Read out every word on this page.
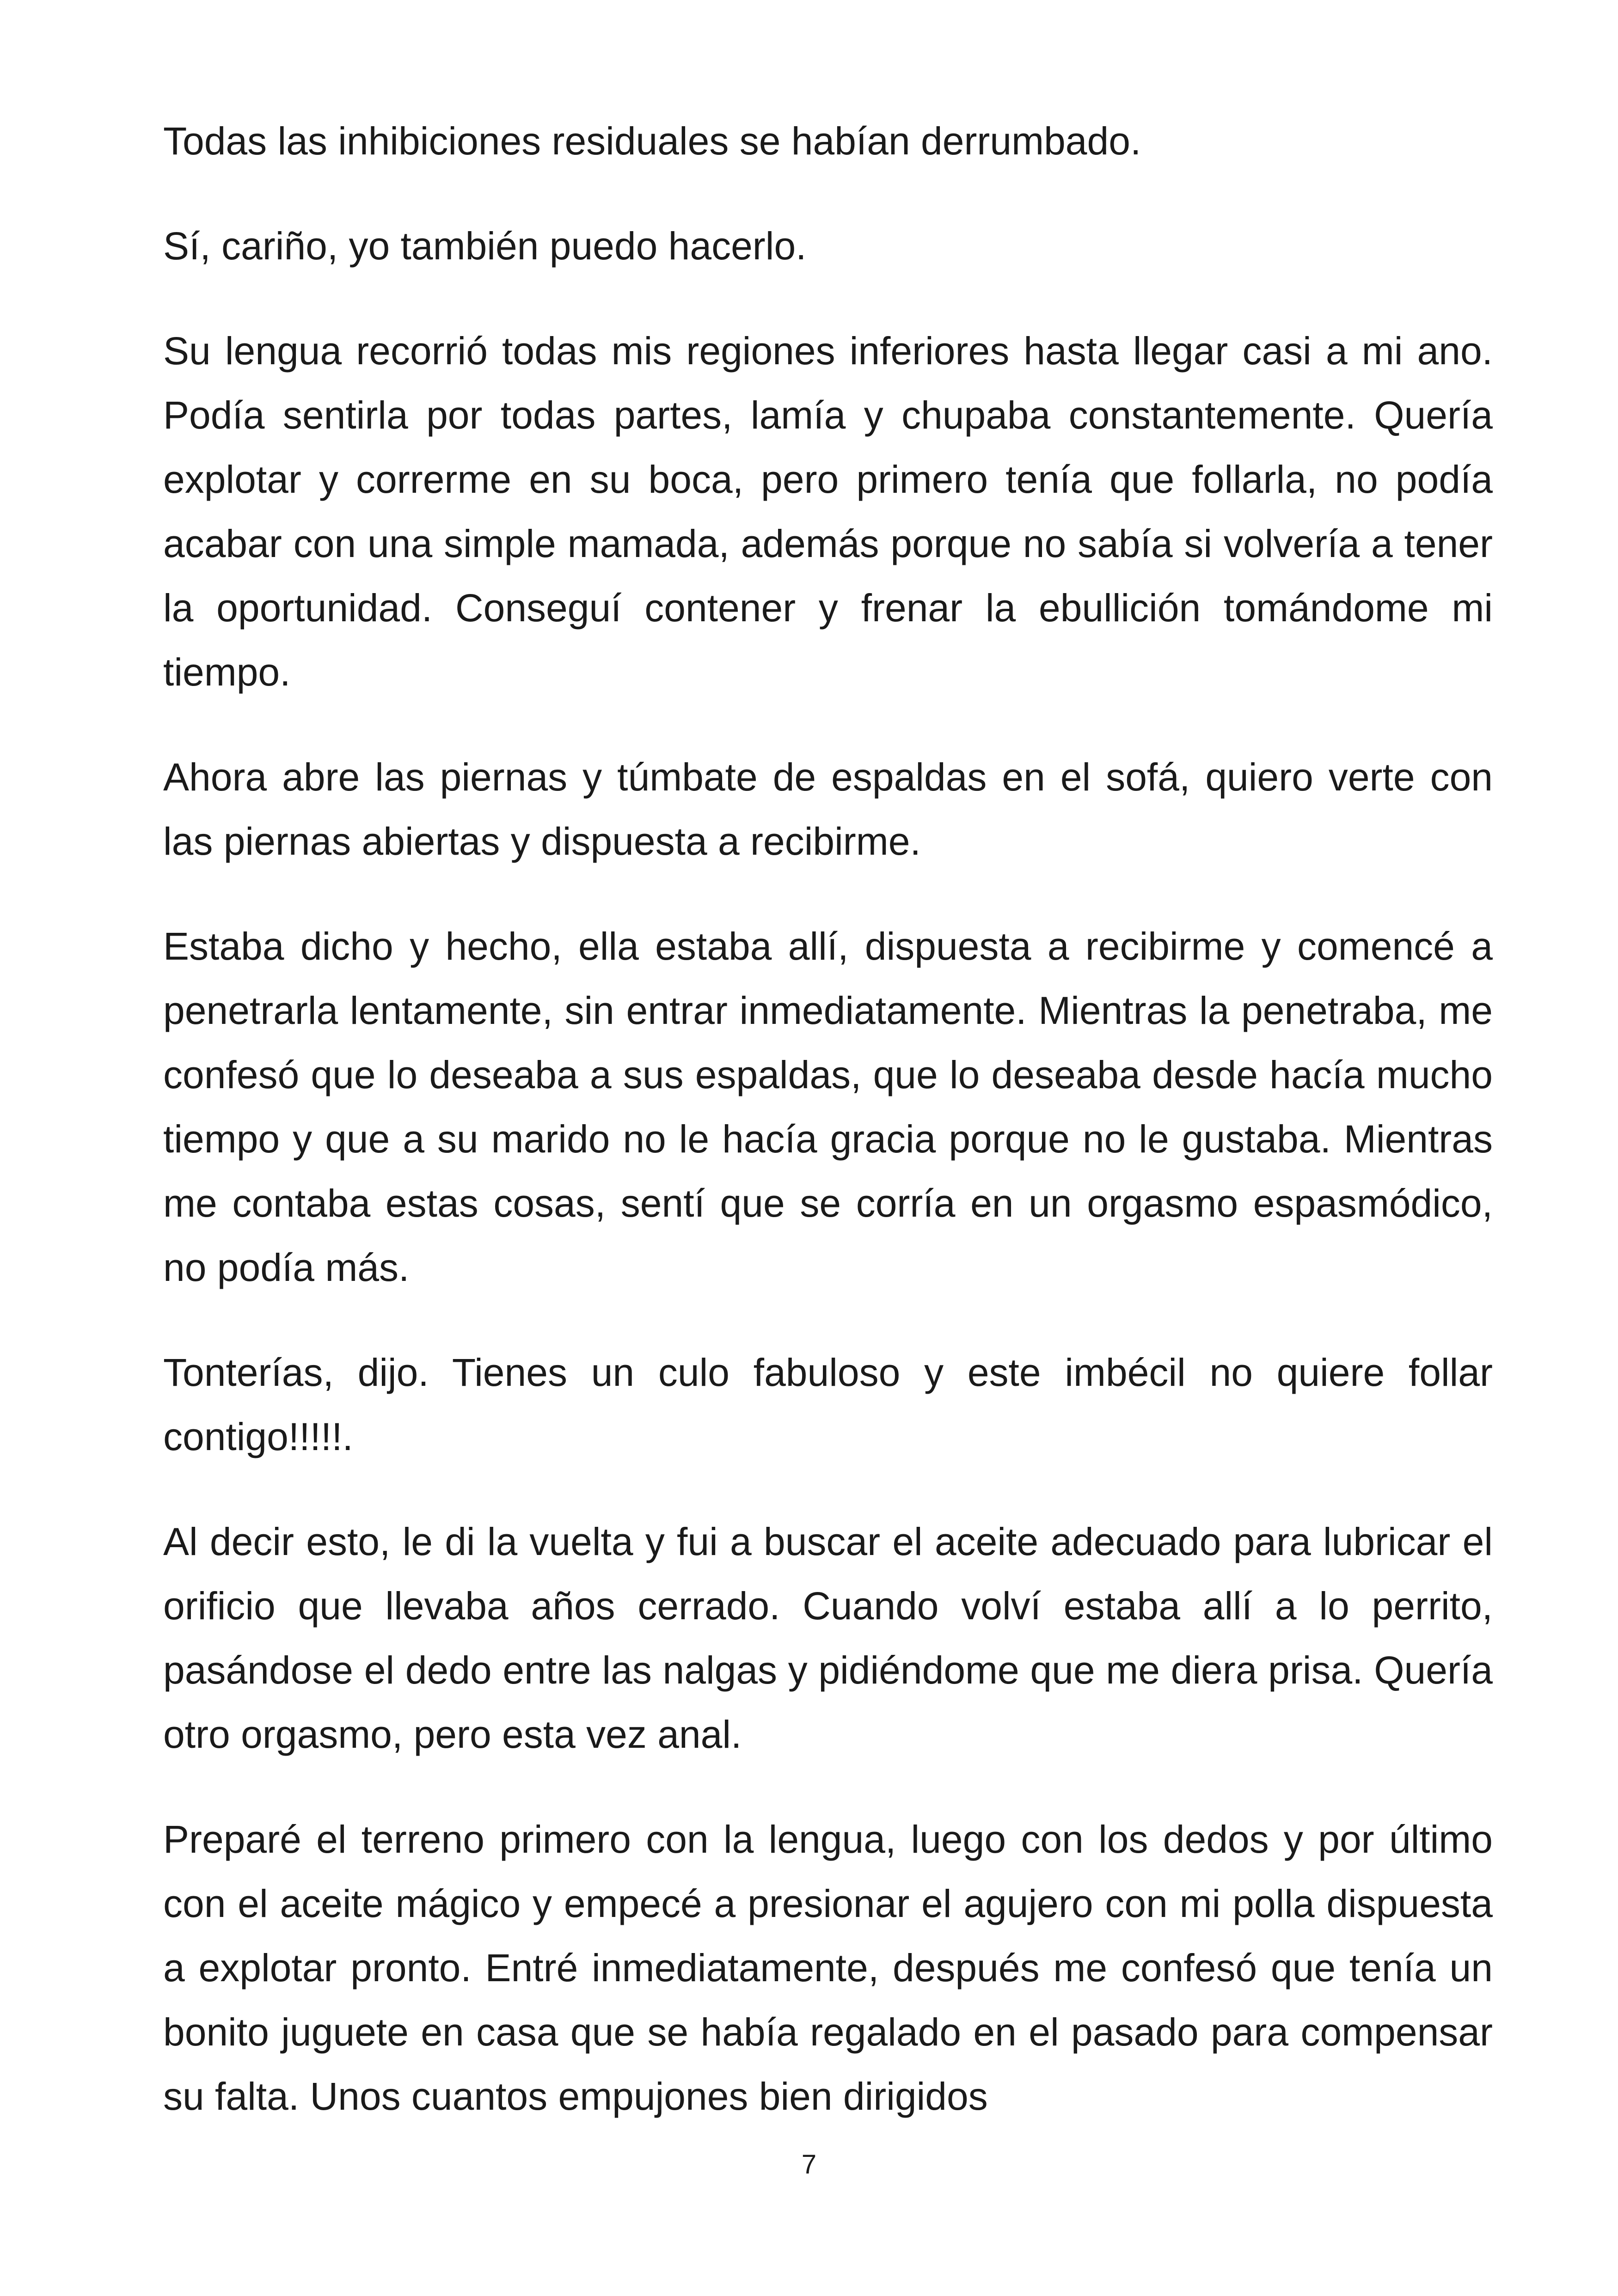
Todas las inhibiciones residuales se habían derrumbado.

Sí, cariño, yo también puedo hacerlo.

Su lengua recorrió todas mis regiones inferiores hasta llegar casi a mi ano. Podía sentirla por todas partes, lamía y chupaba constantemente. Quería explotar y correrme en su boca, pero primero tenía que follarla, no podía acabar con una simple mamada, además porque no sabía si volvería a tener la oportunidad. Conseguí contener y frenar la ebullición tomándome mi tiempo.

Ahora abre las piernas y túmbate de espaldas en el sofá, quiero verte con las piernas abiertas y dispuesta a recibirme.

Estaba dicho y hecho, ella estaba allí, dispuesta a recibirme y comencé a penetrarla lentamente, sin entrar inmediatamente. Mientras la penetraba, me confesó que lo deseaba a sus espaldas, que lo deseaba desde hacía mucho tiempo y que a su marido no le hacía gracia porque no le gustaba. Mientras me contaba estas cosas, sentí que se corría en un orgasmo espasmódico, no podía más.

Tonterías, dijo. Tienes un culo fabuloso y este imbécil no quiere follar contigo!!!!!.

Al decir esto, le di la vuelta y fui a buscar el aceite adecuado para lubricar el orificio que llevaba años cerrado. Cuando volví estaba allí a lo perrito, pasándose el dedo entre las nalgas y pidiéndome que me diera prisa. Quería otro orgasmo, pero esta vez anal.

Preparé el terreno primero con la lengua, luego con los dedos y por último con el aceite mágico y empecé a presionar el agujero con mi polla dispuesta a explotar pronto. Entré inmediatamente, después me confesó que tenía un bonito juguete en casa que se había regalado en el pasado para compensar su falta. Unos cuantos empujones bien dirigidos

7
